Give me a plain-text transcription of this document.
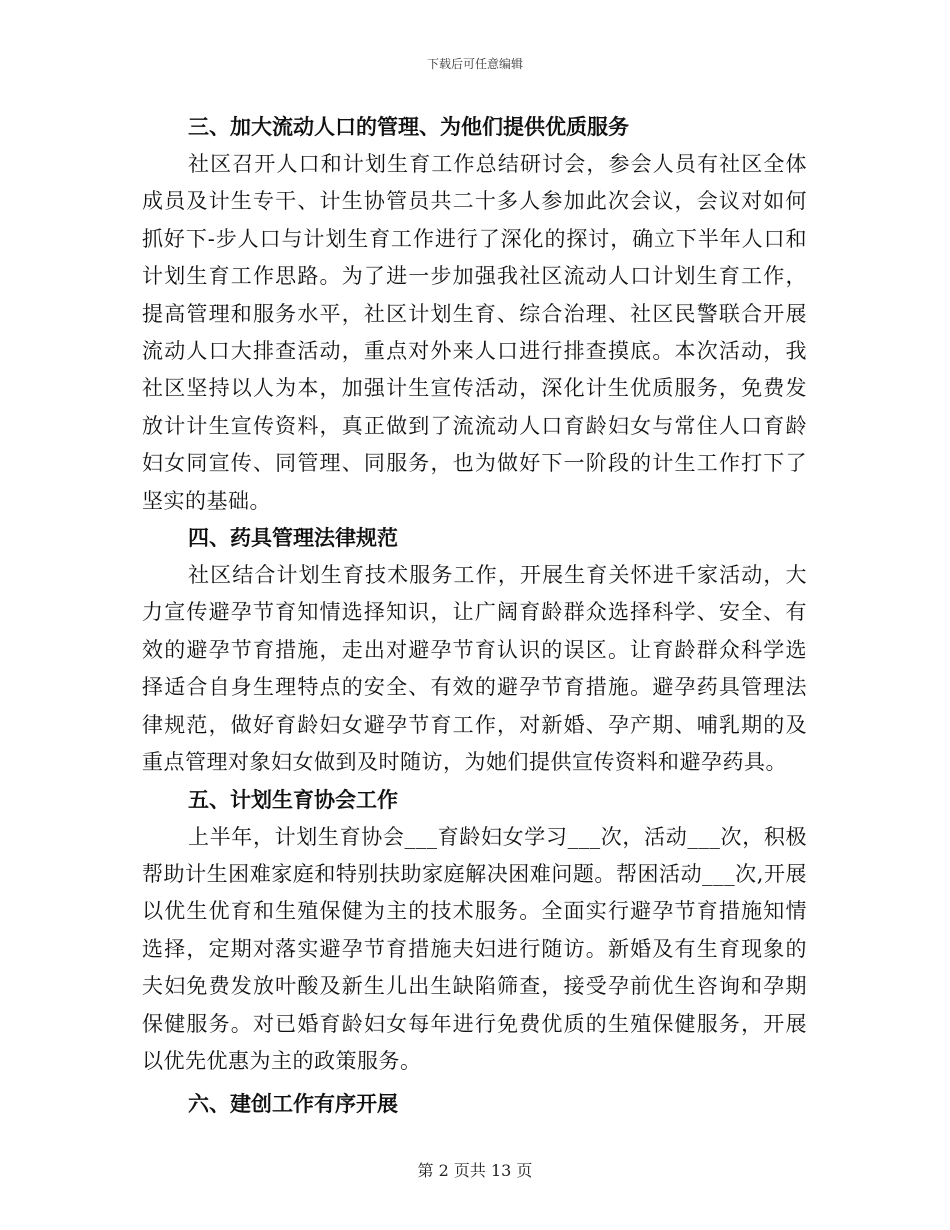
下载后可任意编辑
三、加大流动人口的管理、为他们提供优质服务

社区召开人口和计划生育工作总结研讨会，参会人员有社区全体成员及计生专干、计生协管员共二十多人参加此次会议，会议对如何抓好下-步人口与计划生育工作进行了深化的探讨，确立下半年人口和计划生育工作思路。为了进一步加强我社区流动人口计划生育工作，提高管理和服务水平，社区计划生育、综合治理、社区民警联合开展流动人口大排查活动，重点对外来人口进行排查摸底。本次活动，我社区坚持以人为本，加强计生宣传活动，深化计生优质服务，免费发放计计生宣传资料，真正做到了流流动人口育龄妇女与常住人口育龄妇女同宣传、同管理、同服务，也为做好下一阶段的计生工作打下了坚实的基础。

四、药具管理法律规范

社区结合计划生育技术服务工作，开展生育关怀进千家活动，大力宣传避孕节育知情选择知识，让广阔育龄群众选择科学、安全、有效的避孕节育措施，走出对避孕节育认识的误区。让育龄群众科学选择适合自身生理特点的安全、有效的避孕节育措施。避孕药具管理法律规范，做好育龄妇女避孕节育工作，对新婚、孕产期、哺乳期的及重点管理对象妇女做到及时随访，为她们提供宣传资料和避孕药具。

五、计划生育协会工作

上半年，计划生育协会___育龄妇女学习___次，活动___次，积极帮助计生困难家庭和特别扶助家庭解决困难问题。帮困活动___次,开展以优生优育和生殖保健为主的技术服务。全面实行避孕节育措施知情选择，定期对落实避孕节育措施夫妇进行随访。新婚及有生育现象的夫妇免费发放叶酸及新生儿出生缺陷筛查，接受孕前优生咨询和孕期保健服务。对已婚育龄妇女每年进行免费优质的生殖保健服务，开展以优先优惠为主的政策服务。

六、建创工作有序开展
第 2 页共 13 页
